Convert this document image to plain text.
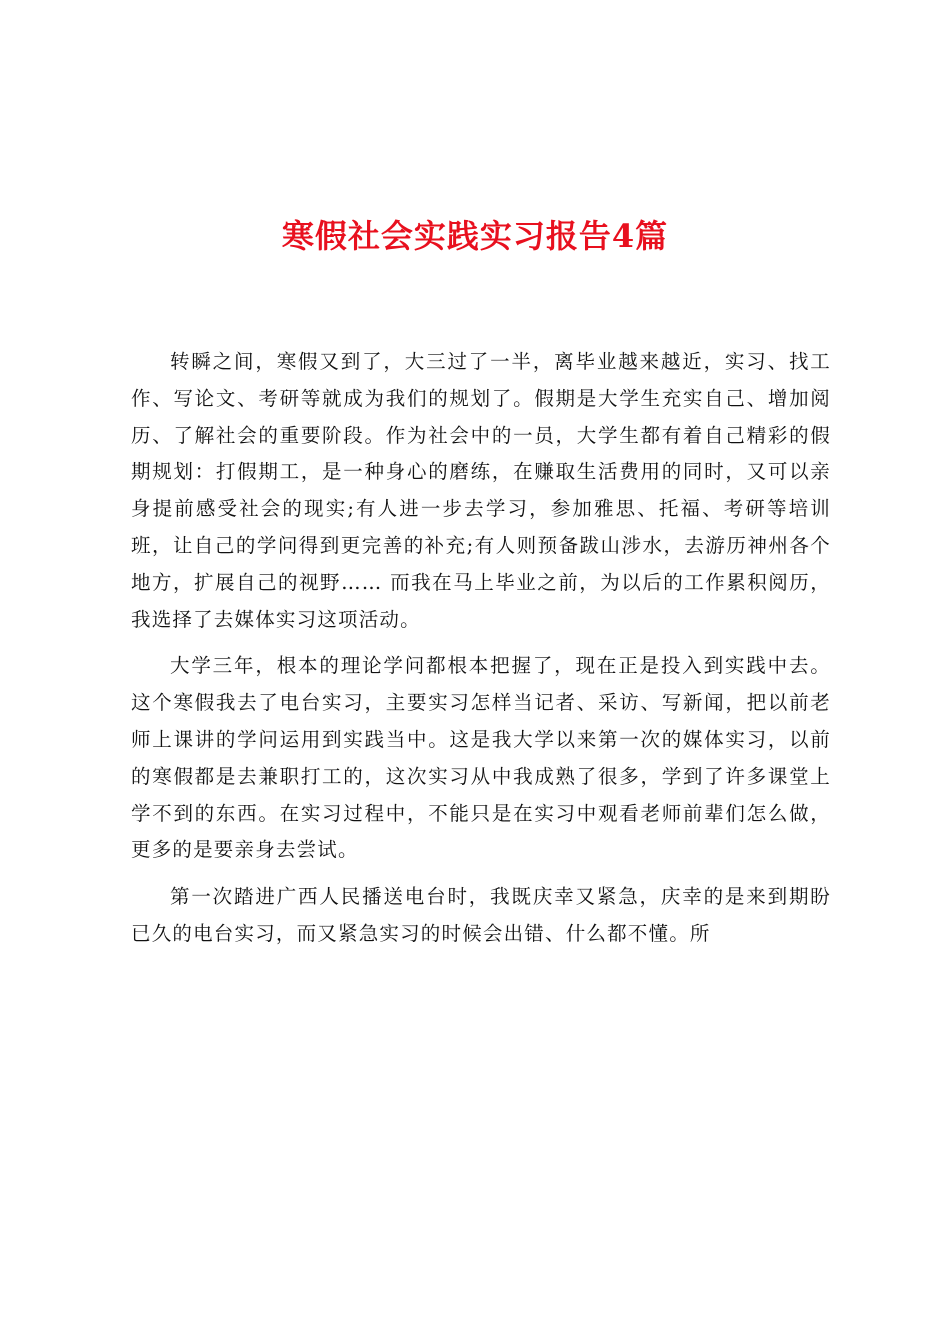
寒假社会实践实习报告4篇

转瞬之间，寒假又到了，大三过了一半，离毕业越来越近，实习、找工作、写论文、考研等就成为我们的规划了。假期是大学生充实自己、增加阅历、了解社会的重要阶段。作为社会中的一员，大学生都有着自己精彩的假期规划：打假期工，是一种身心的磨练，在赚取生活费用的同时，又可以亲身提前感受社会的现实;有人进一步去学习，参加雅思、托福、考研等培训班，让自己的学问得到更完善的补充;有人则预备跋山涉水，去游历神州各个地方，扩展自己的视野…… 而我在马上毕业之前，为以后的工作累积阅历，我选择了去媒体实习这项活动。

大学三年，根本的理论学问都根本把握了，现在正是投入到实践中去。这个寒假我去了电台实习，主要实习怎样当记者、采访、写新闻，把以前老师上课讲的学问运用到实践当中。这是我大学以来第一次的媒体实习，以前的寒假都是去兼职打工的，这次实习从中我成熟了很多，学到了许多课堂上学不到的东西。在实习过程中，不能只是在实习中观看老师前辈们怎么做，更多的是要亲身去尝试。

第一次踏进广西人民播送电台时，我既庆幸又紧急，庆幸的是来到期盼已久的电台实习，而又紧急实习的时候会出错、什么都不懂。所
